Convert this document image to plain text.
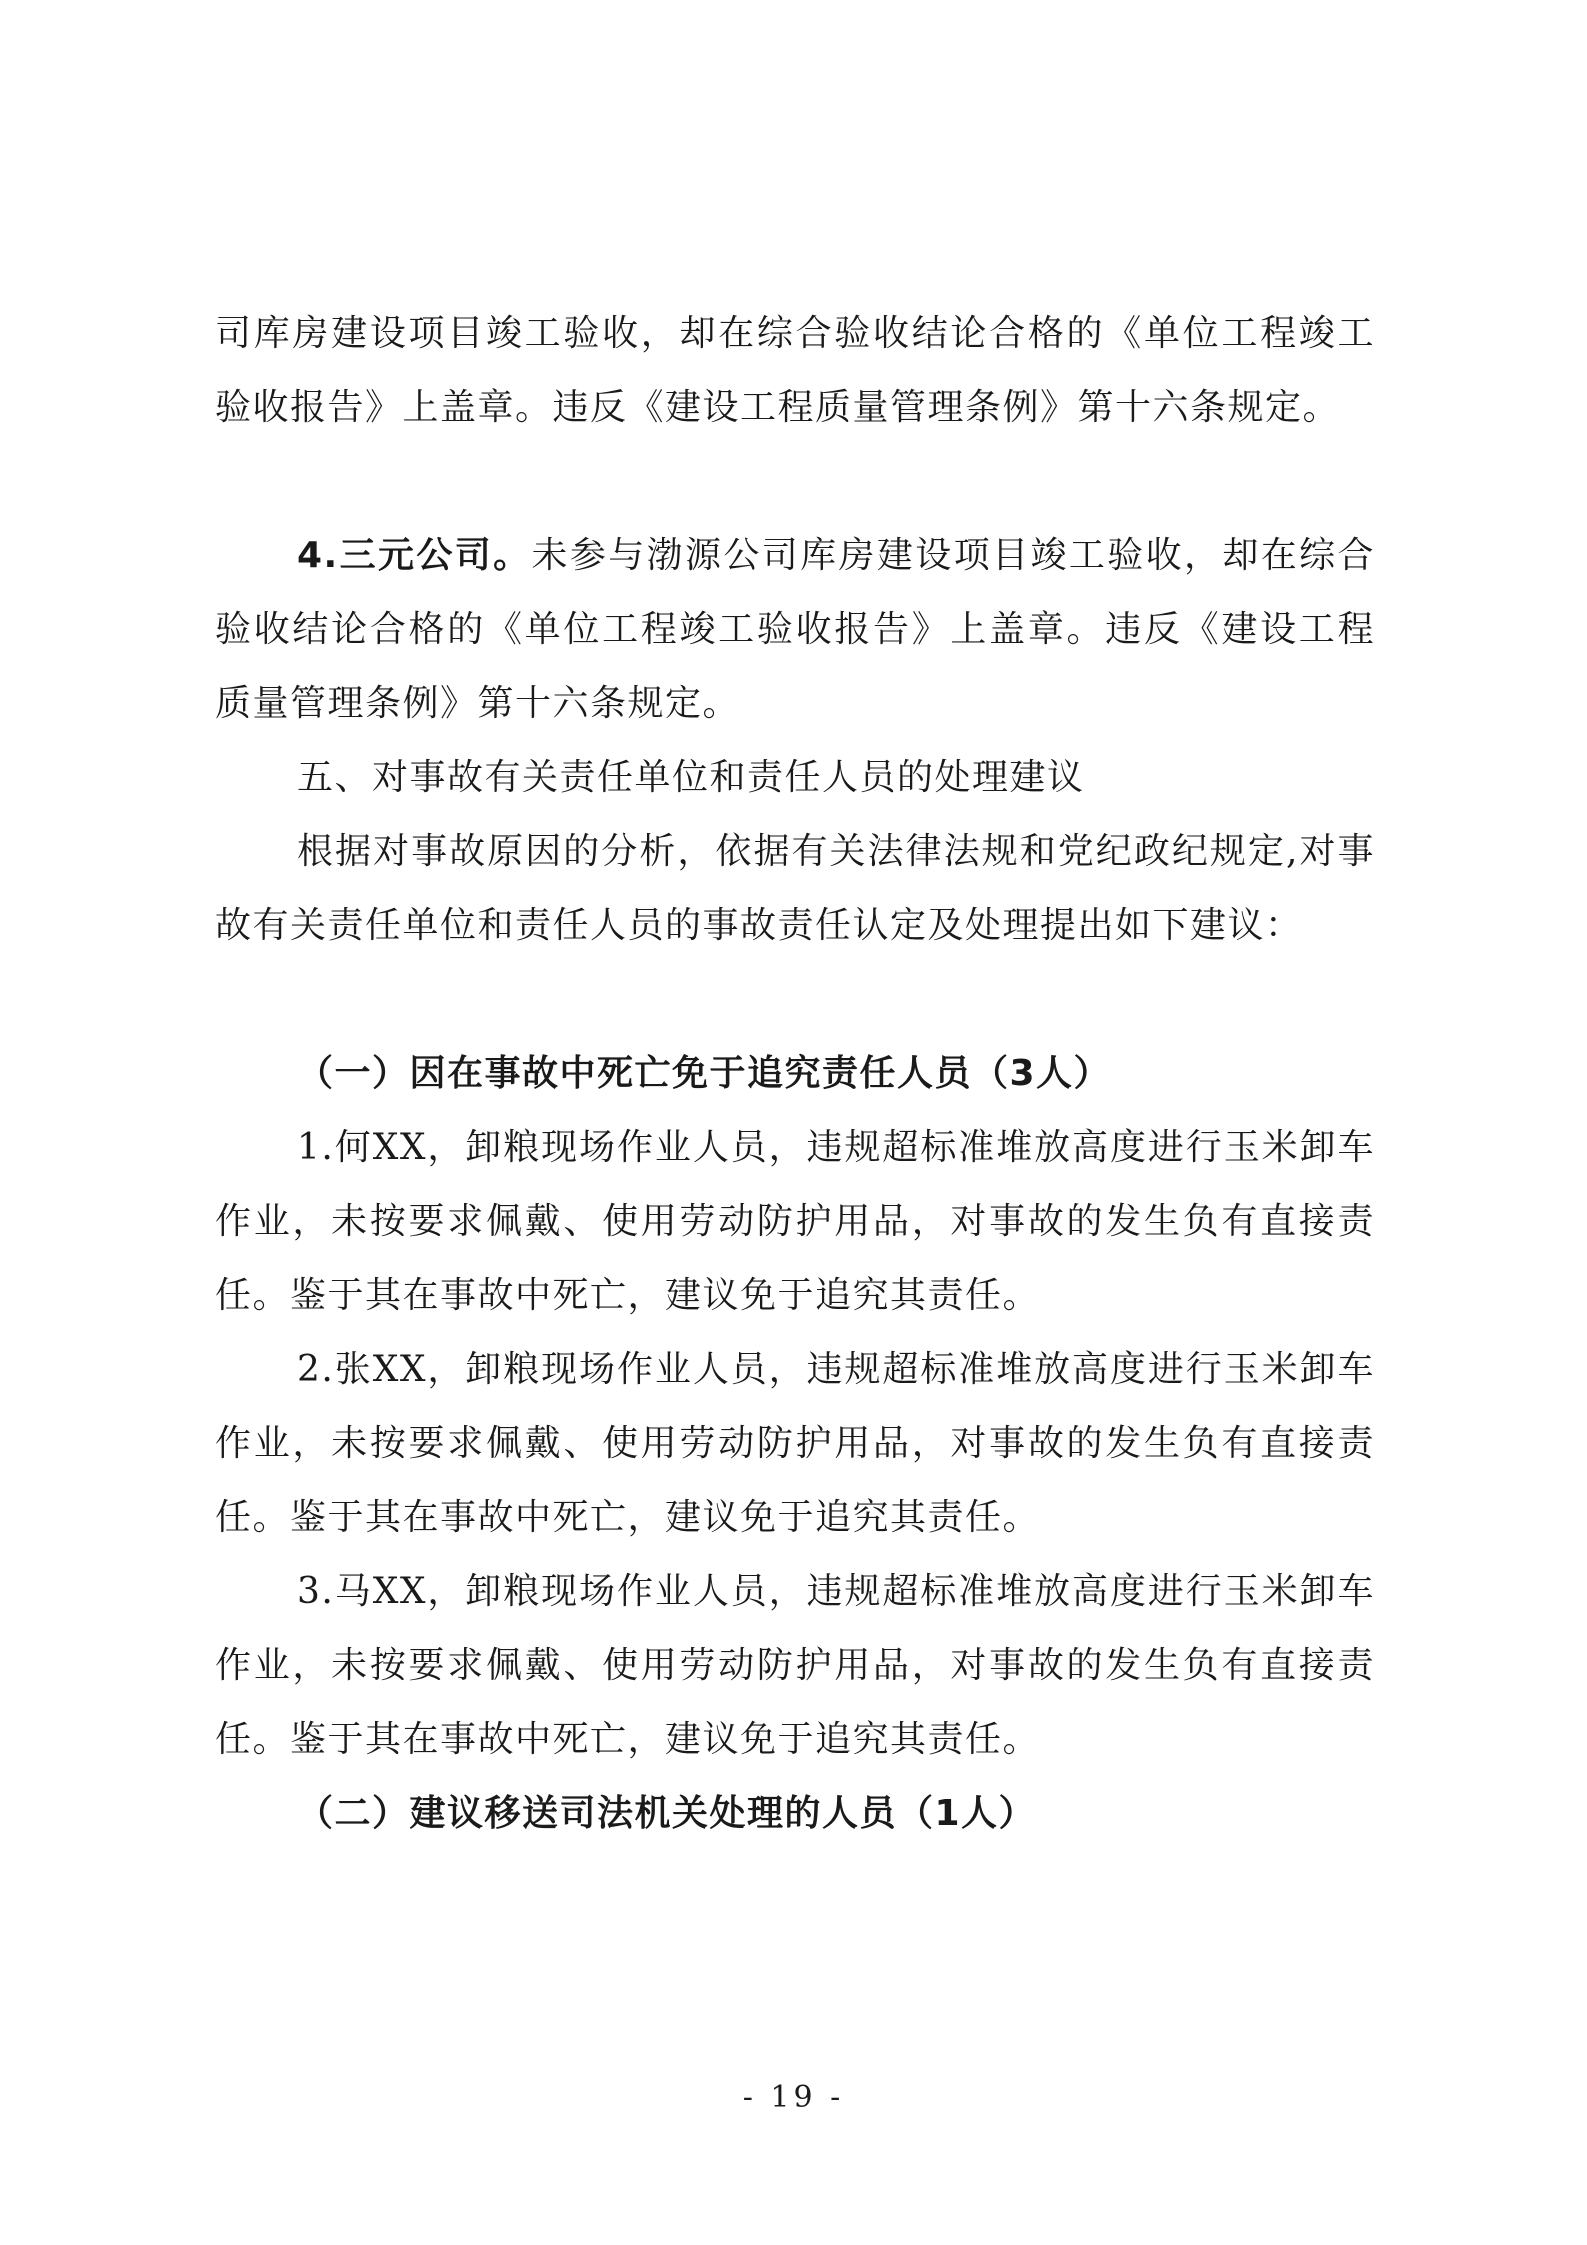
司库房建设项目竣工验收，却在综合验收结论合格的《单位工程竣工验收报告》上盖章。违反《建设工程质量管理条例》第十六条规定。

4.三元公司。未参与渤源公司库房建设项目竣工验收，却在综合验收结论合格的《单位工程竣工验收报告》上盖章。违反《建设工程质量管理条例》第十六条规定。

五、对事故有关责任单位和责任人员的处理建议

根据对事故原因的分析，依据有关法律法规和党纪政纪规定,对事故有关责任单位和责任人员的事故责任认定及处理提出如下建议：

（一）因在事故中死亡免于追究责任人员（3人）

1.何XX，卸粮现场作业人员，违规超标准堆放高度进行玉米卸车作业，未按要求佩戴、使用劳动防护用品，对事故的发生负有直接责任。鉴于其在事故中死亡，建议免于追究其责任。

2.张XX，卸粮现场作业人员，违规超标准堆放高度进行玉米卸车作业，未按要求佩戴、使用劳动防护用品，对事故的发生负有直接责任。鉴于其在事故中死亡，建议免于追究其责任。

3.马XX，卸粮现场作业人员，违规超标准堆放高度进行玉米卸车作业，未按要求佩戴、使用劳动防护用品，对事故的发生负有直接责任。鉴于其在事故中死亡，建议免于追究其责任。

（二）建议移送司法机关处理的人员（1人）

- 19 -
